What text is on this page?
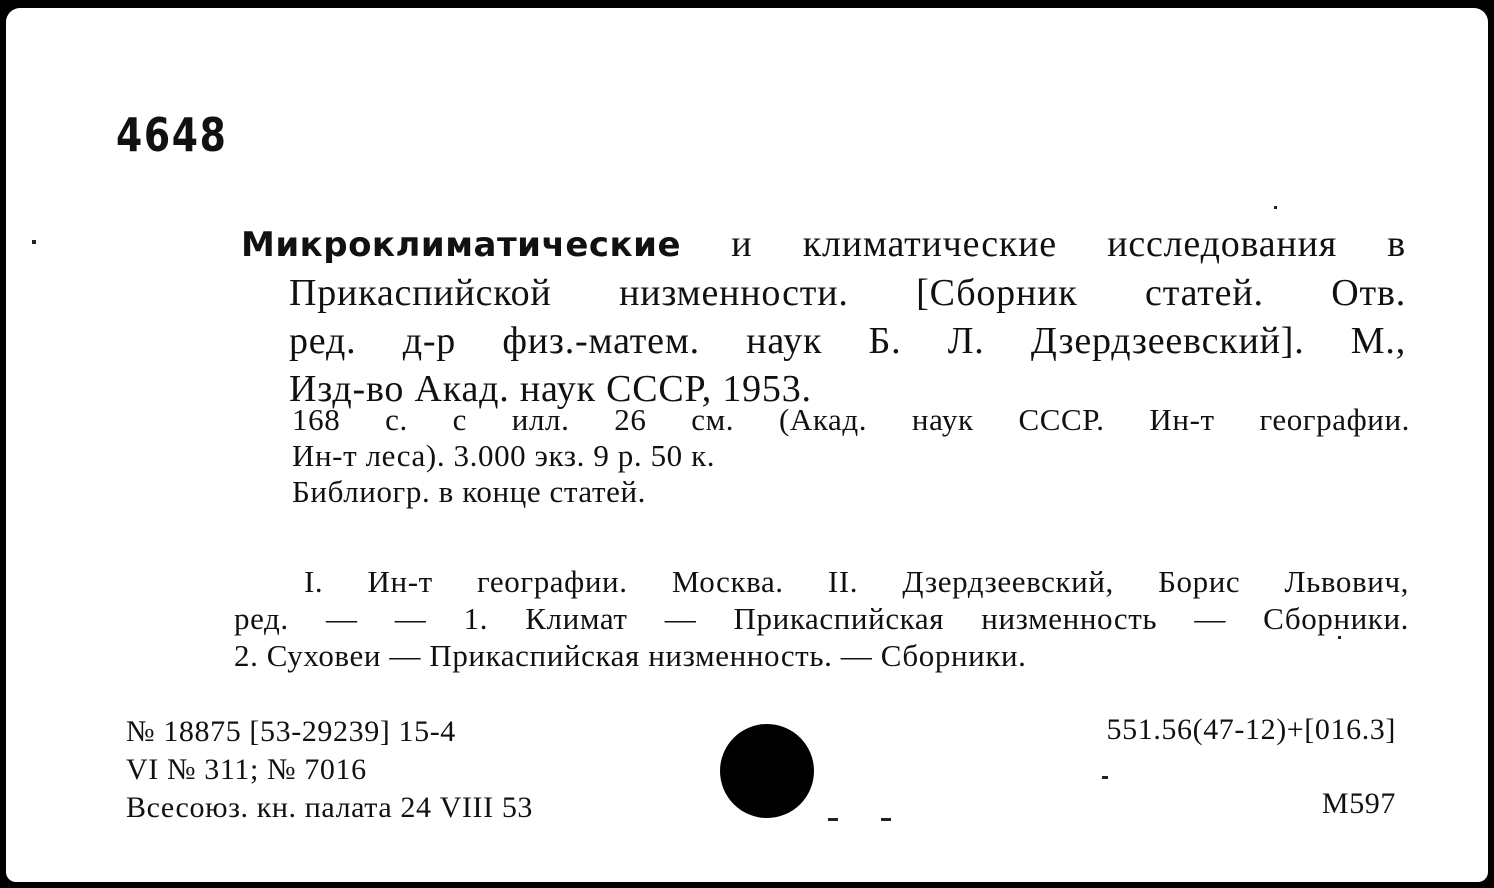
4648
Микроклиматические и климатические исследования в
Прикаспийской низменности. [Сборник статей. Отв.
ред. д-р физ.-матем. наук Б. Л. Дзердзеевский]. М.,
Изд-во Акад. наук СССР, 1953.
168 с. с илл. 26 см. (Акад. наук СССР. Ин-т географии.
Ин-т леса). 3.000 экз. 9 р. 50 к.
Библиогр. в конце статей.
I. Ин-т географии. Москва. II. Дзердзеевский, Борис Львович,
ред. — — 1. Климат — Прикаспийская низменность — Сборники.
2. Суховеи — Прикаспийская низменность. — Сборники.
№ 18875 [53-29239] 15-4
VI № 311; № 7016
Всесоюз. кн. палата 24 VIII 53
551.56(47-12)+[016.3]
М597
